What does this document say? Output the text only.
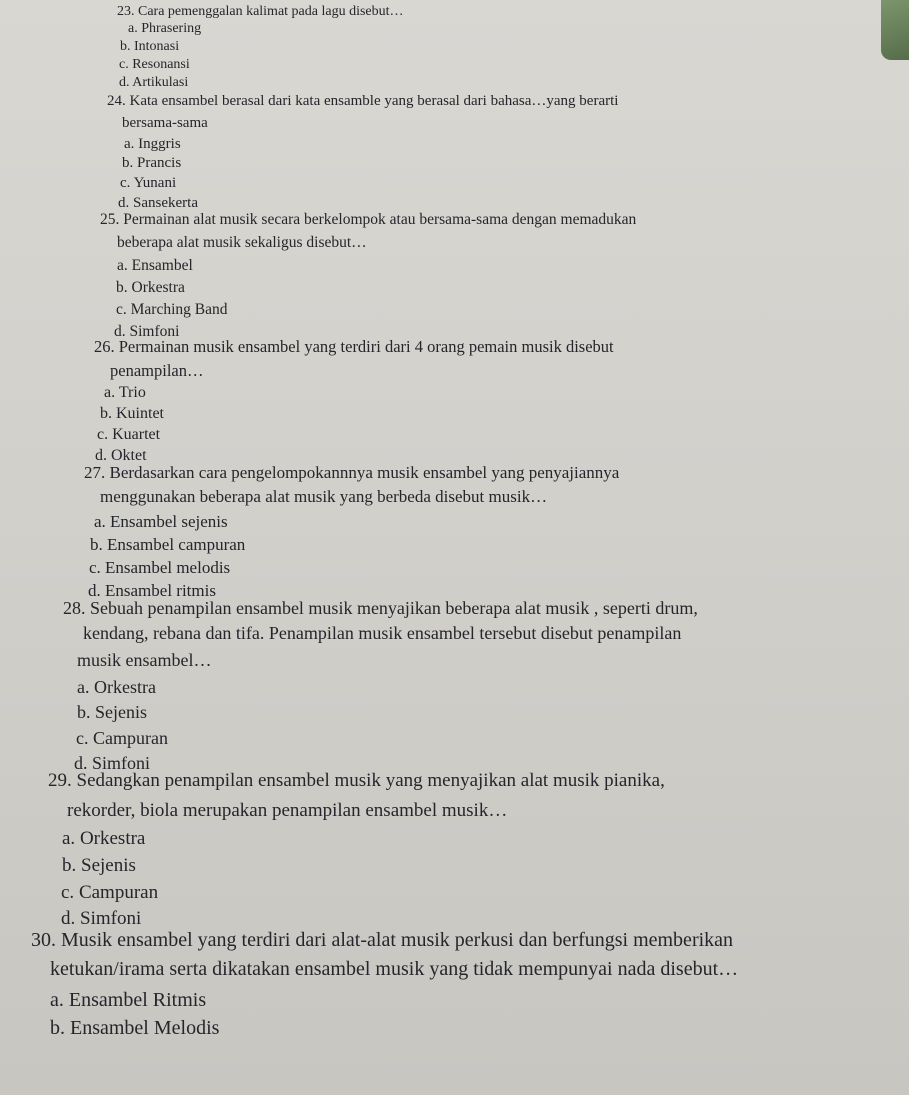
23. Cara pemenggalan kalimat pada lagu disebut…
a. Phrasering
b. Intonasi
c. Resonansi
d. Artikulasi
24. Kata ensambel berasal dari kata ensamble yang berasal dari bahasa…yang berarti
bersama-sama
a. Inggris
b. Prancis
c. Yunani
d. Sansekerta
25. Permainan alat musik secara berkelompok atau bersama-sama dengan memadukan
beberapa alat musik sekaligus disebut…
a. Ensambel
b. Orkestra
c. Marching Band
d. Simfoni
26. Permainan musik ensambel yang terdiri dari 4 orang pemain musik disebut
penampilan…
a. Trio
b. Kuintet
c. Kuartet
d. Oktet
27. Berdasarkan cara pengelompokannnya musik ensambel yang penyajiannya
menggunakan beberapa alat musik yang berbeda disebut musik…
a. Ensambel sejenis
b. Ensambel campuran
c. Ensambel melodis
d. Ensambel ritmis
28. Sebuah penampilan ensambel musik menyajikan beberapa alat musik , seperti drum,
kendang, rebana dan tifa. Penampilan musik ensambel tersebut disebut penampilan
musik ensambel…
a. Orkestra
b. Sejenis
c. Campuran
d. Simfoni
29. Sedangkan penampilan ensambel musik yang menyajikan alat musik pianika,
rekorder, biola merupakan penampilan ensambel musik…
a. Orkestra
b. Sejenis
c. Campuran
d. Simfoni
30. Musik ensambel yang terdiri dari alat-alat musik perkusi dan berfungsi memberikan
ketukan/irama serta dikatakan ensambel musik yang tidak mempunyai nada disebut…
a. Ensambel Ritmis
b. Ensambel Melodis
